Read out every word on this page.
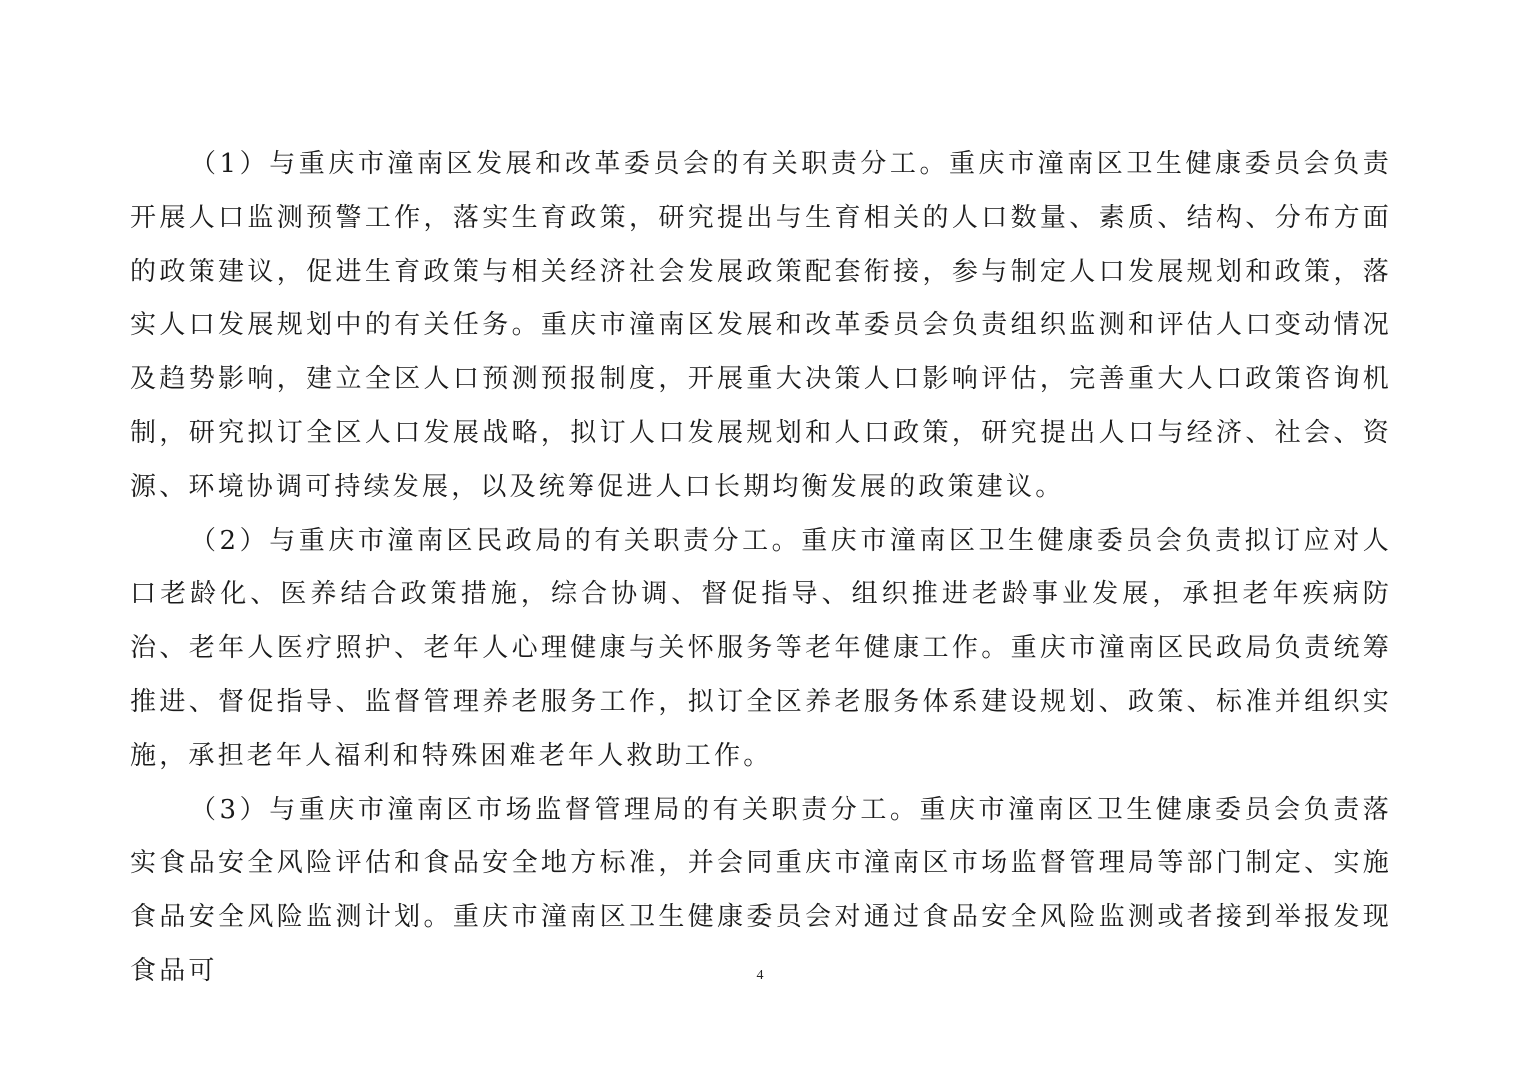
（1）与重庆市潼南区发展和改革委员会的有关职责分工。重庆市潼南区卫生健康委员会负责开展人口监测预警工作，落实生育政策，研究提出与生育相关的人口数量、素质、结构、分布方面的政策建议，促进生育政策与相关经济社会发展政策配套衔接，参与制定人口发展规划和政策，落实人口发展规划中的有关任务。重庆市潼南区发展和改革委员会负责组织监测和评估人口变动情况及趋势影响，建立全区人口预测预报制度，开展重大决策人口影响评估，完善重大人口政策咨询机制，研究拟订全区人口发展战略，拟订人口发展规划和人口政策，研究提出人口与经济、社会、资源、环境协调可持续发展，以及统筹促进人口长期均衡发展的政策建议。

（2）与重庆市潼南区民政局的有关职责分工。重庆市潼南区卫生健康委员会负责拟订应对人口老龄化、医养结合政策措施，综合协调、督促指导、组织推进老龄事业发展，承担老年疾病防治、老年人医疗照护、老年人心理健康与关怀服务等老年健康工作。重庆市潼南区民政局负责统筹推进、督促指导、监督管理养老服务工作，拟订全区养老服务体系建设规划、政策、标准并组织实施，承担老年人福利和特殊困难老年人救助工作。

（3）与重庆市潼南区市场监督管理局的有关职责分工。重庆市潼南区卫生健康委员会负责落实食品安全风险评估和食品安全地方标准，并会同重庆市潼南区市场监督管理局等部门制定、实施食品安全风险监测计划。重庆市潼南区卫生健康委员会对通过食品安全风险监测或者接到举报发现食品可	4
